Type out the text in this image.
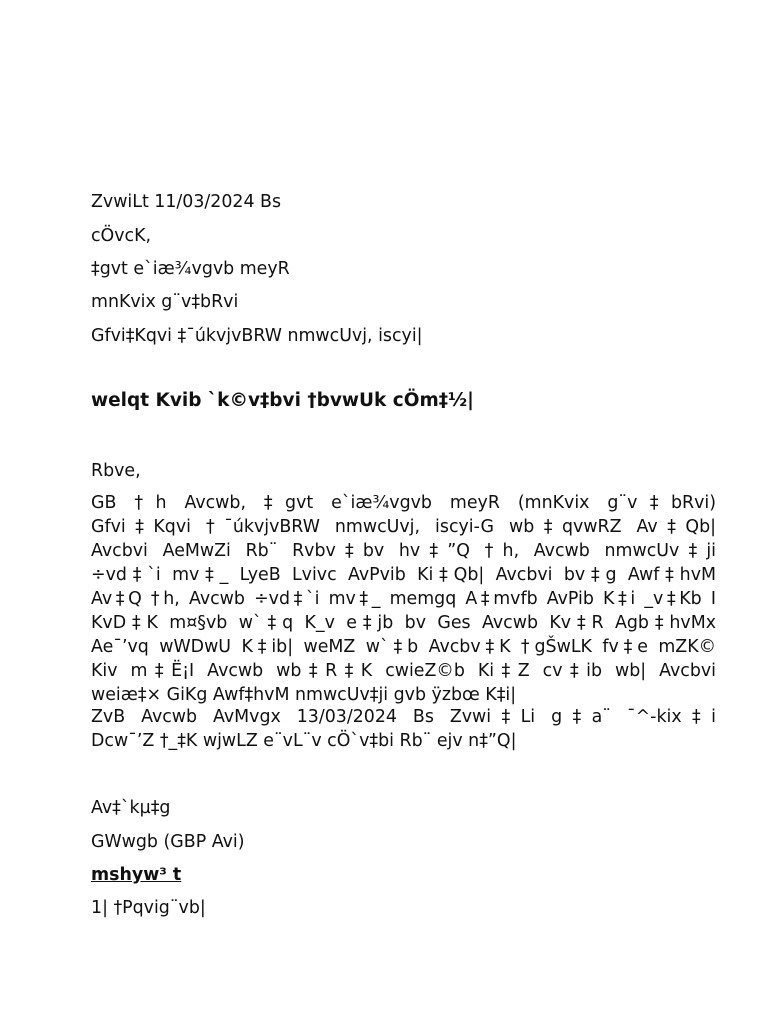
ZvwiLt 11/03/2024 Bs
cÖvcK,
‡gvt e`iæ¾vgvb meyR
mnKvix g¨v‡bRvi
Gfvi‡Kqvi ‡¯úkvjvBRW nmwcUvj, iscyi|
welqt Kvib `k©v‡bvi †bvwUk cÖm‡½|
Rbve,
GB †h Avcwb, ‡gvt e`iæ¾vgvb meyR (mnKvix g¨v‡bRvi)
Gfvi‡Kqvi †¯úkvjvBRW nmwcUvj, iscyi-G wb‡qvwRZ Av‡Qb|
Avcbvi AeMwZi Rb¨ Rvbv‡bv hv‡”Q †h, Avcwb nmwcUv‡ji
÷vd‡`i mv‡_ LyeB Lvivc AvPvib Ki‡Qb| Avcbvi bv‡g Awf‡hvM
Av‡Q †h, Avcwb ÷vd‡`i mv‡_ memgq A‡mvfb AvPib K‡i _v‡Kb I
KvD‡K m¤§vb w`‡q K_v e‡jb bv Ges Avcwb Kv‡R Agb‡hvMx
Ae¯’vq wWDwU K‡ib| weMZ w`‡b Avcbv‡K †gŠwLK fv‡e mZK©
Kiv m‡Ë¡I Avcwb wb‡R‡K cwieZ©b Ki‡Z cv‡ib wb| Avcbvi
weiæ‡× GiKg Awf‡hvM nmwcUv‡ji gvb ÿzbœ K‡i|
ZvB Avcwb AvMvgx 13/03/2024 Bs Zvwi‡Li g‡a¨ ¯^-kix‡i
Dcw¯’Z †_‡K wjwLZ e¨vL¨v cÖ`v‡bi Rb¨ ejv n‡”Q|
Av‡`kµ‡g
GWwgb (GBP Avi)
mshyw³ t
1| †Pqvig¨vb|
